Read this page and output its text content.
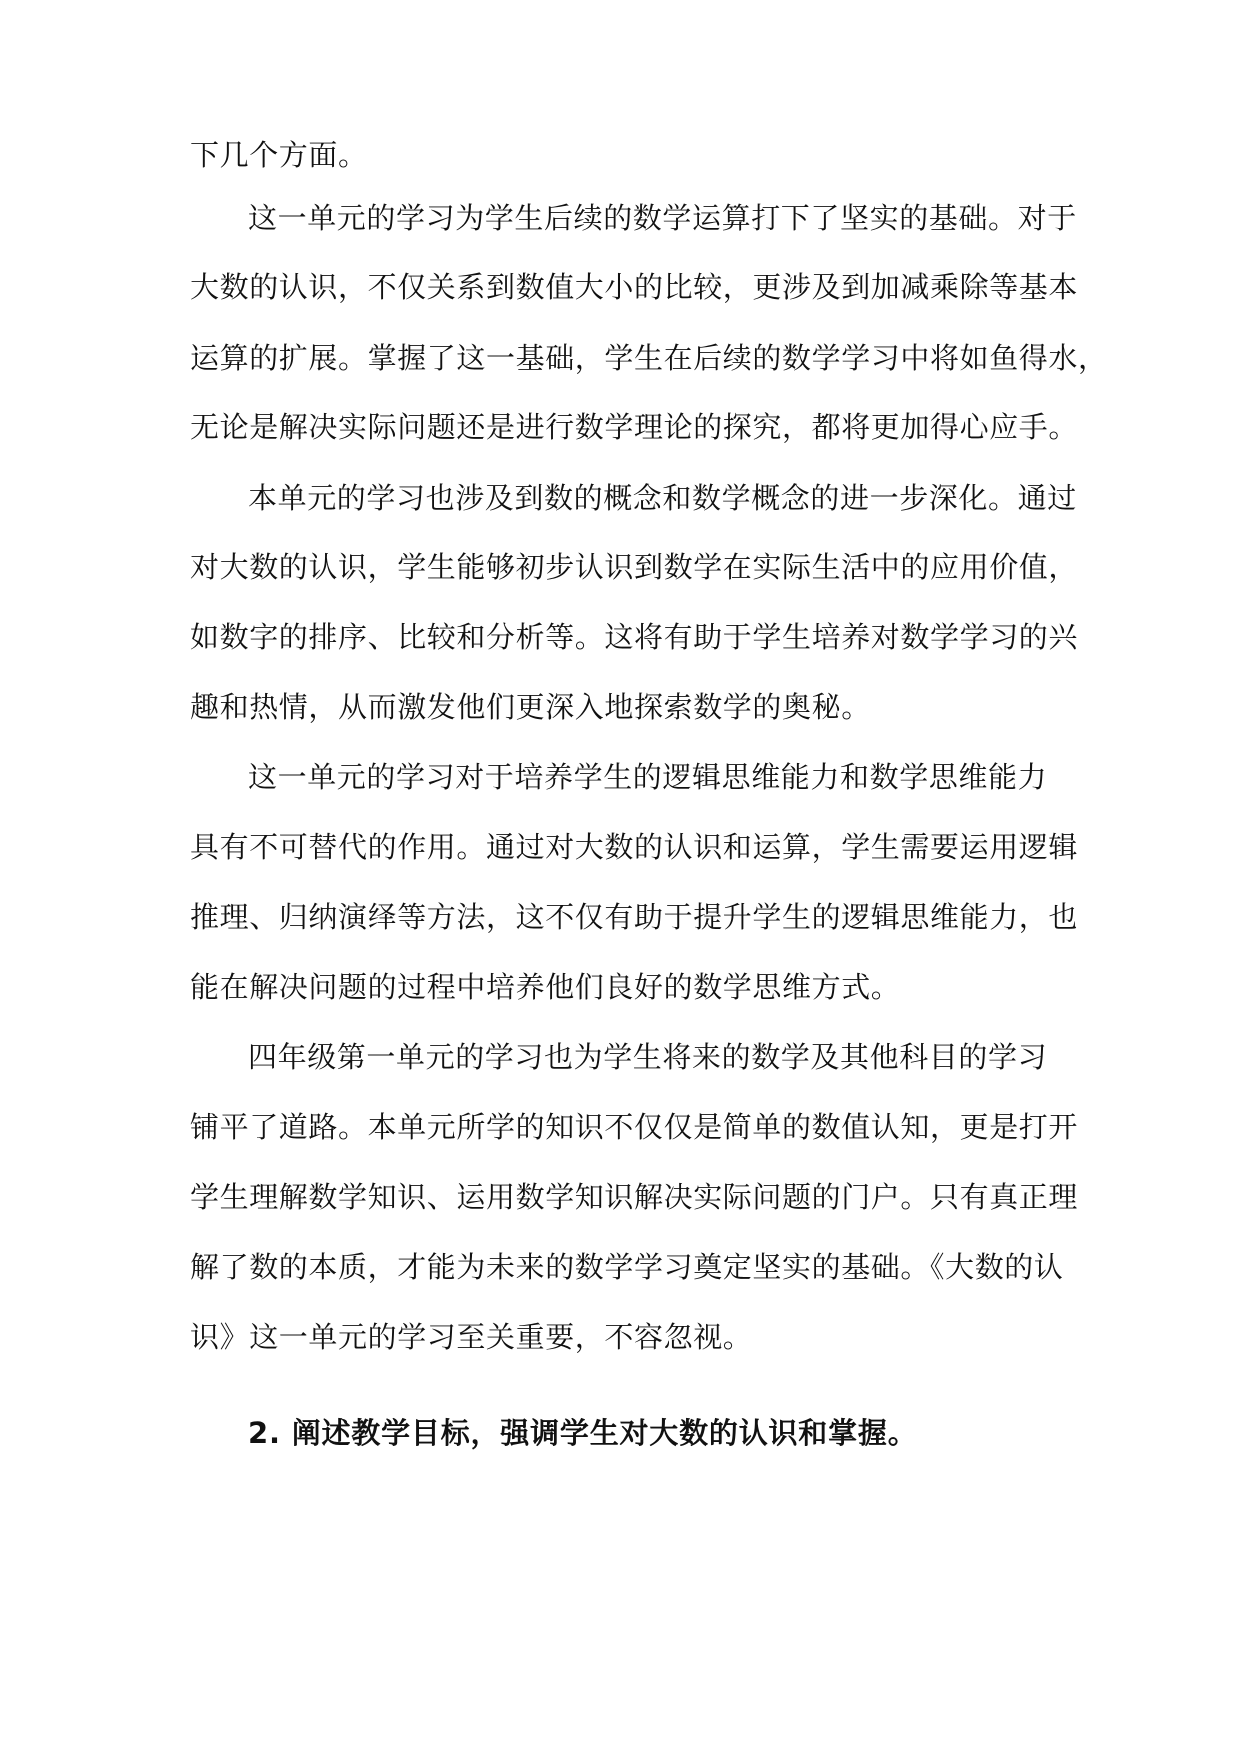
下几个方面。
这一单元的学习为学生后续的数学运算打下了坚实的基础。对于
大数的认识，不仅关系到数值大小的比较，更涉及到加减乘除等基本
运算的扩展。掌握了这一基础，学生在后续的数学学习中将如鱼得水，
无论是解决实际问题还是进行数学理论的探究，都将更加得心应手。
本单元的学习也涉及到数的概念和数学概念的进一步深化。通过
对大数的认识，学生能够初步认识到数学在实际生活中的应用价值，
如数字的排序、比较和分析等。这将有助于学生培养对数学学习的兴
趣和热情，从而激发他们更深入地探索数学的奥秘。
这一单元的学习对于培养学生的逻辑思维能力和数学思维能力
具有不可替代的作用。通过对大数的认识和运算，学生需要运用逻辑
推理、归纳演绎等方法，这不仅有助于提升学生的逻辑思维能力，也
能在解决问题的过程中培养他们良好的数学思维方式。
四年级第一单元的学习也为学生将来的数学及其他科目的学习
铺平了道路。本单元所学的知识不仅仅是简单的数值认知，更是打开
学生理解数学知识、运用数学知识解决实际问题的门户。只有真正理
解了数的本质，才能为未来的数学学习奠定坚实的基础。《大数的认
识》这一单元的学习至关重要，不容忽视。
2. 阐述教学目标，强调学生对大数的认识和掌握。
